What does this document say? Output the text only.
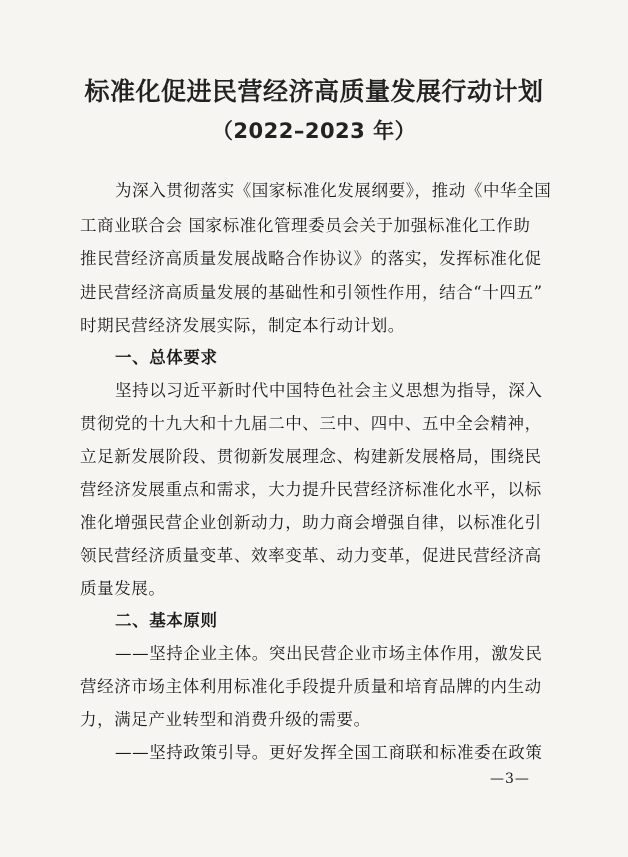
标准化促进民营经济高质量发展行动计划
（2022–2023 年）
为深入贯彻落实《国家标准化发展纲要》，推动《中华全国
工商业联合会 国家标准化管理委员会关于加强标准化工作助
推民营经济高质量发展战略合作协议》的落实，发挥标准化促
进民营经济高质量发展的基础性和引领性作用，结合“十四五”
时期民营经济发展实际，制定本行动计划。
一、总体要求
坚持以习近平新时代中国特色社会主义思想为指导，深入
贯彻党的十九大和十九届二中、三中、四中、五中全会精神，
立足新发展阶段、贯彻新发展理念、构建新发展格局，围绕民
营经济发展重点和需求，大力提升民营经济标准化水平，以标
准化增强民营企业创新动力，助力商会增强自律，以标准化引
领民营经济质量变革、效率变革、动力变革，促进民营经济高
质量发展。
二、基本原则
——坚持企业主体。突出民营企业市场主体作用，激发民
营经济市场主体利用标准化手段提升质量和培育品牌的内生动
力，满足产业转型和消费升级的需要。
——坚持政策引导。更好发挥全国工商联和标准委在政策
—3—
